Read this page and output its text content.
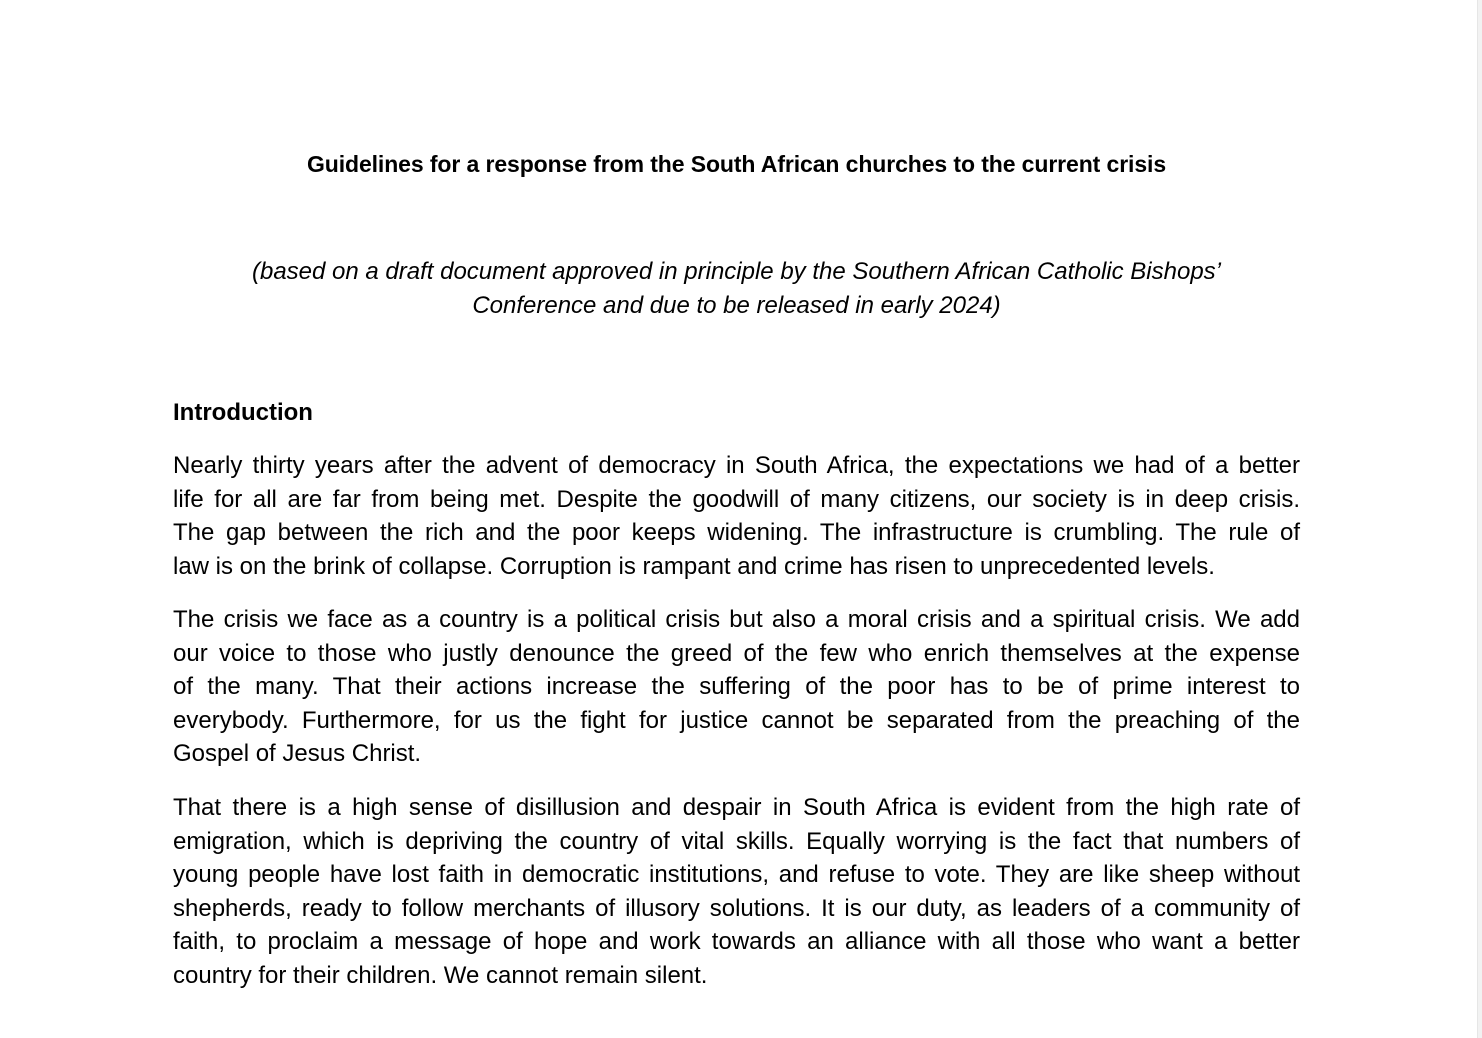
Guidelines for a response from the South African churches to the current crisis
(based on a draft document approved in principle by the Southern African Catholic Bishops’
Conference and due to be released in early 2024)
Introduction
Nearly thirty years after the advent of democracy in South Africa, the expectations we had of a better
life for all are far from being met. Despite the goodwill of many citizens, our society is in deep crisis.
The gap between the rich and the poor keeps widening. The infrastructure is crumbling. The rule of
law is on the brink of collapse. Corruption is rampant and crime has risen to unprecedented levels.
The crisis we face as a country is a political crisis but also a moral crisis and a spiritual crisis. We add
our voice to those who justly denounce the greed of the few who enrich themselves at the expense
of the many. That their actions increase the suffering of the poor has to be of prime interest to
everybody. Furthermore, for us the fight for justice cannot be separated from the preaching of the
Gospel of Jesus Christ.
That there is a high sense of disillusion and despair in South Africa is evident from the high rate of
emigration, which is depriving the country of vital skills. Equally worrying is the fact that numbers of
young people have lost faith in democratic institutions, and refuse to vote. They are like sheep without
shepherds, ready to follow merchants of illusory solutions. It is our duty, as leaders of a community of
faith, to proclaim a message of hope and work towards an alliance with all those who want a better
country for their children. We cannot remain silent.
